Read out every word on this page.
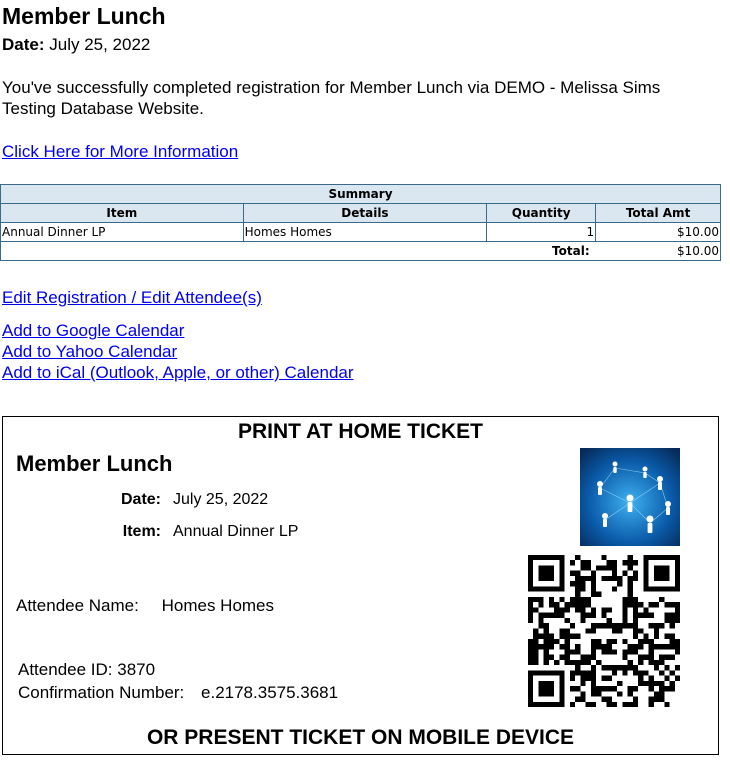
Member Lunch
Date: July 25, 2022
You've successfully completed registration for Member Lunch via DEMO - Melissa Sims Testing Database Website.
Click Here for More Information
Summary			
Item	Details	Quantity	Total Amt
Annual Dinner LP	Homes Homes	1	$10.00
		Total:	$10.00
Edit Registration / Edit Attendee(s)
Add to Google Calendar
Add to Yahoo Calendar
Add to iCal (Outlook, Apple, or other) Calendar
PRINT AT HOME TICKET
Member Lunch
Date: July 25, 2022
Item: Annual Dinner LP
Attendee Name: Homes Homes
Attendee ID: 3870
Confirmation Number: e.2178.3575.3681
OR PRESENT TICKET ON MOBILE DEVICE
